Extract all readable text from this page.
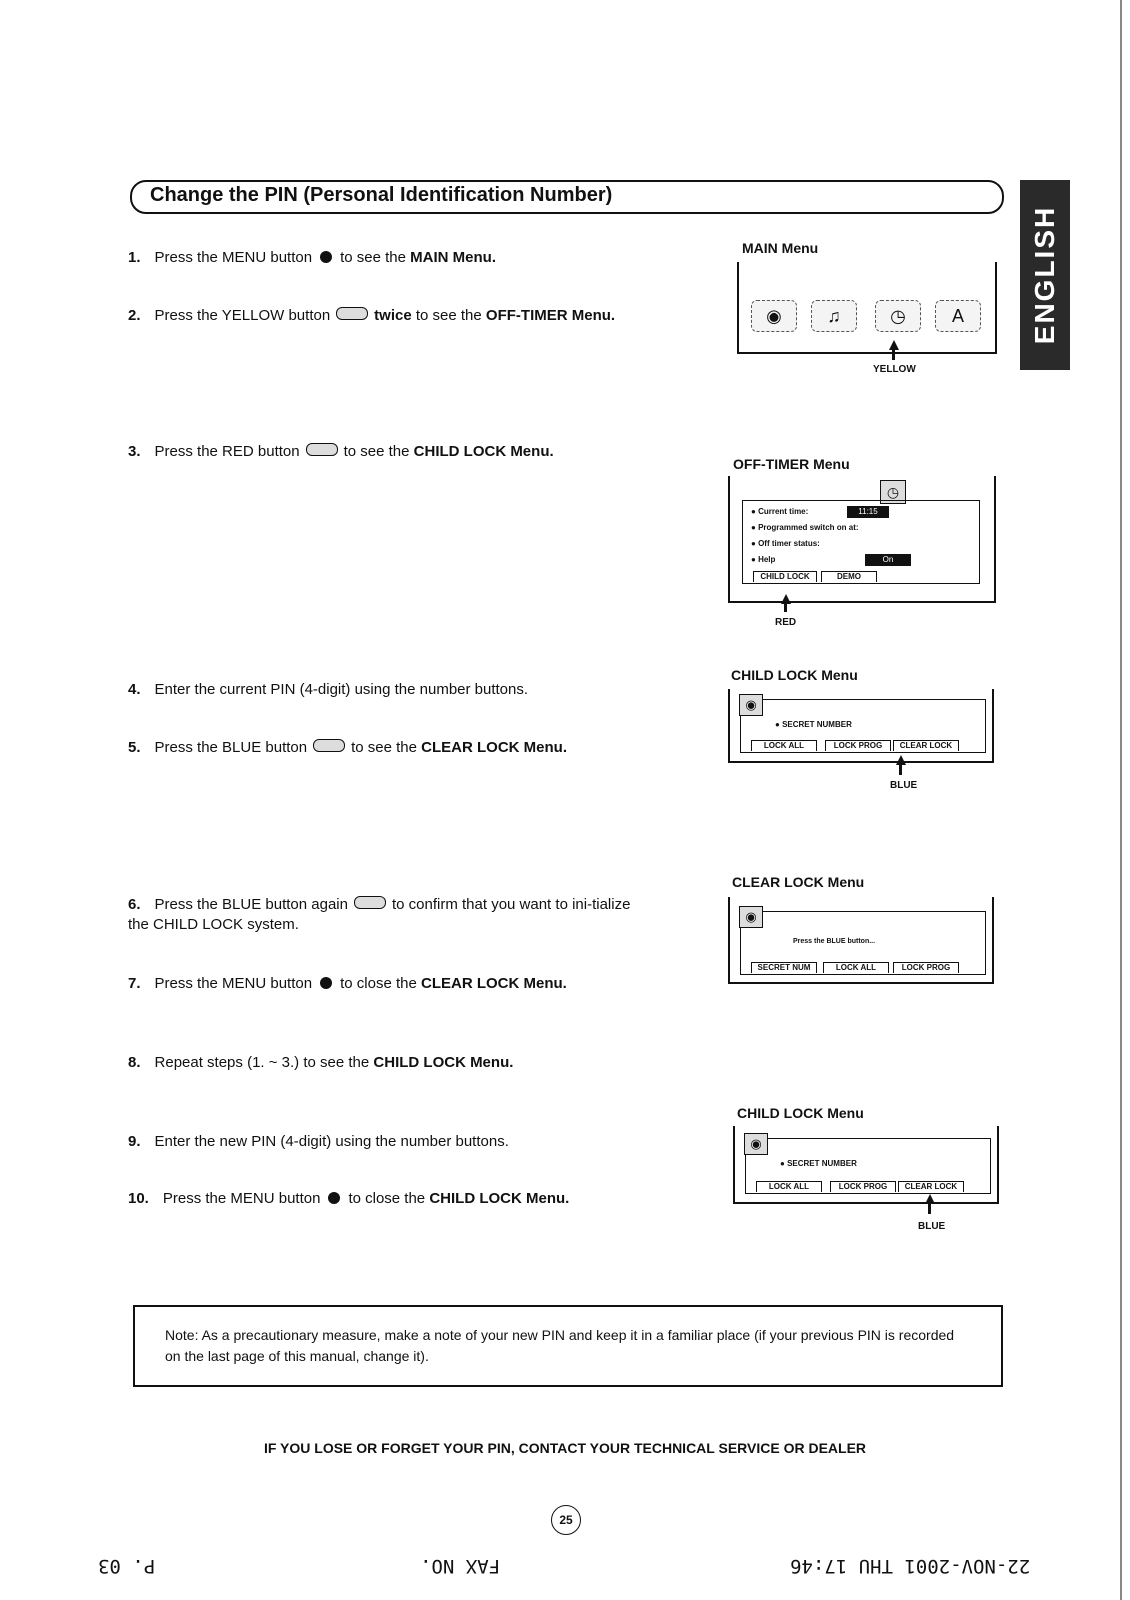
Change the PIN (Personal Identification Number)
ENGLISH
1. Press the MENU button to see the MAIN Menu.
2. Press the YELLOW button	twice to see the OFF-TIMER Menu.
3. Press the RED button	to see the CHILD LOCK Menu.
4. Enter the current PIN (4-digit) using the number buttons.
5. Press the BLUE button	to see the CLEAR LOCK Menu.
6. Press the BLUE button again	to confirm that you want to ini-tialize the CHILD LOCK system.
7. Press the MENU button to close the CLEAR LOCK Menu.
8. Repeat steps (1. ~ 3.) to see the CHILD LOCK Menu.
9. Enter the new PIN (4-digit) using the number buttons.
10. Press the MENU button to close the CHILD LOCK Menu.
MAIN Menu
◉	♫	◷	A
YELLOW
OFF-TIMER Menu
◷
● Current time:	11:15
● Programmed switch on at:
● Off timer status:
● Help	On
CHILD LOCK	DEMO
RED
CHILD LOCK Menu
◉
● SECRET NUMBER
LOCK ALL	LOCK PROG	CLEAR LOCK
BLUE
CLEAR LOCK Menu
◉
Press the BLUE button...
SECRET NUM	LOCK ALL	LOCK PROG
CHILD LOCK Menu
◉
● SECRET NUMBER
LOCK ALL	LOCK PROG	CLEAR LOCK
BLUE
Note: As a precautionary measure, make a note of your new PIN and keep it in a familiar place (if your previous PIN is recorded on the last page of this manual, change it).
IF YOU LOSE OR FORGET YOUR PIN, CONTACT YOUR TECHNICAL SERVICE OR DEALER
25
P. 03	FAX NO.	22-NOV-2001 THU 17:46
